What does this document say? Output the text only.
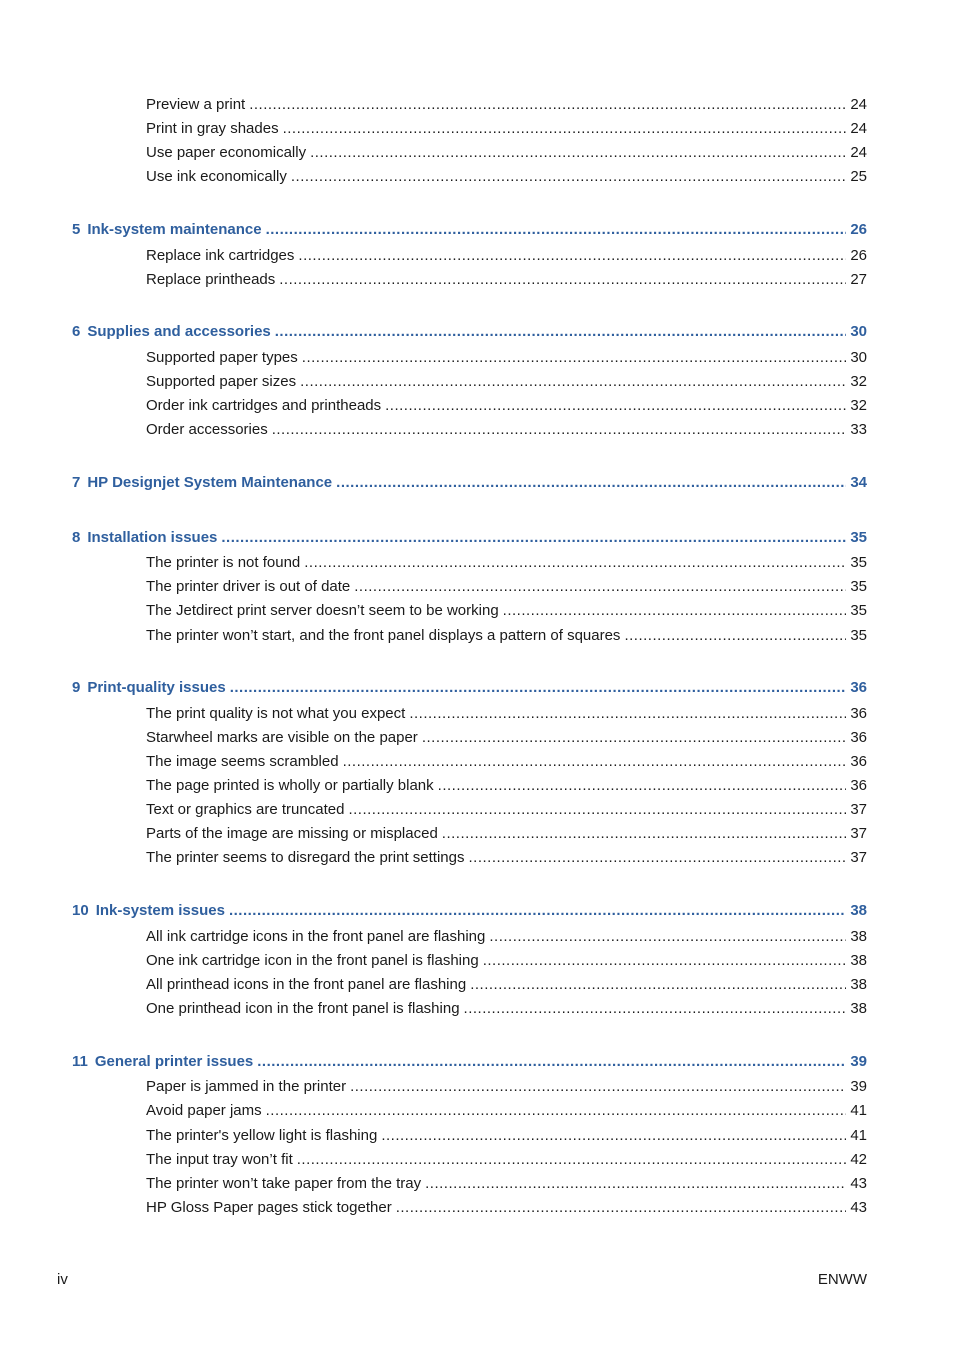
Preview a print .....	24
Print in gray shades .....	24
Use paper economically .....	24
Use ink economically .....	25
5 Ink-system maintenance .....	26
Replace ink cartridges .....	26
Replace printheads .....	27
6 Supplies and accessories .....	30
Supported paper types .....	30
Supported paper sizes .....	32
Order ink cartridges and printheads .....	32
Order accessories .....	33
7 HP Designjet System Maintenance .....	34
8 Installation issues .....	35
The printer is not found .....	35
The printer driver is out of date .....	35
The Jetdirect print server doesn’t seem to be working .....	35
The printer won’t start, and the front panel displays a pattern of squares .....	35
9 Print-quality issues .....	36
The print quality is not what you expect .....	36
Starwheel marks are visible on the paper .....	36
The image seems scrambled .....	36
The page printed is wholly or partially blank .....	36
Text or graphics are truncated .....	37
Parts of the image are missing or misplaced .....	37
The printer seems to disregard the print settings .....	37
10 Ink-system issues .....	38
All ink cartridge icons in the front panel are flashing .....	38
One ink cartridge icon in the front panel is flashing .....	38
All printhead icons in the front panel are flashing .....	38
One printhead icon in the front panel is flashing .....	38
11 General printer issues .....	39
Paper is jammed in the printer .....	39
Avoid paper jams .....	41
The printer's yellow light is flashing .....	41
The input tray won’t fit .....	42
The printer won’t take paper from the tray .....	43
HP Gloss Paper pages stick together .....	43
iv	ENWW
